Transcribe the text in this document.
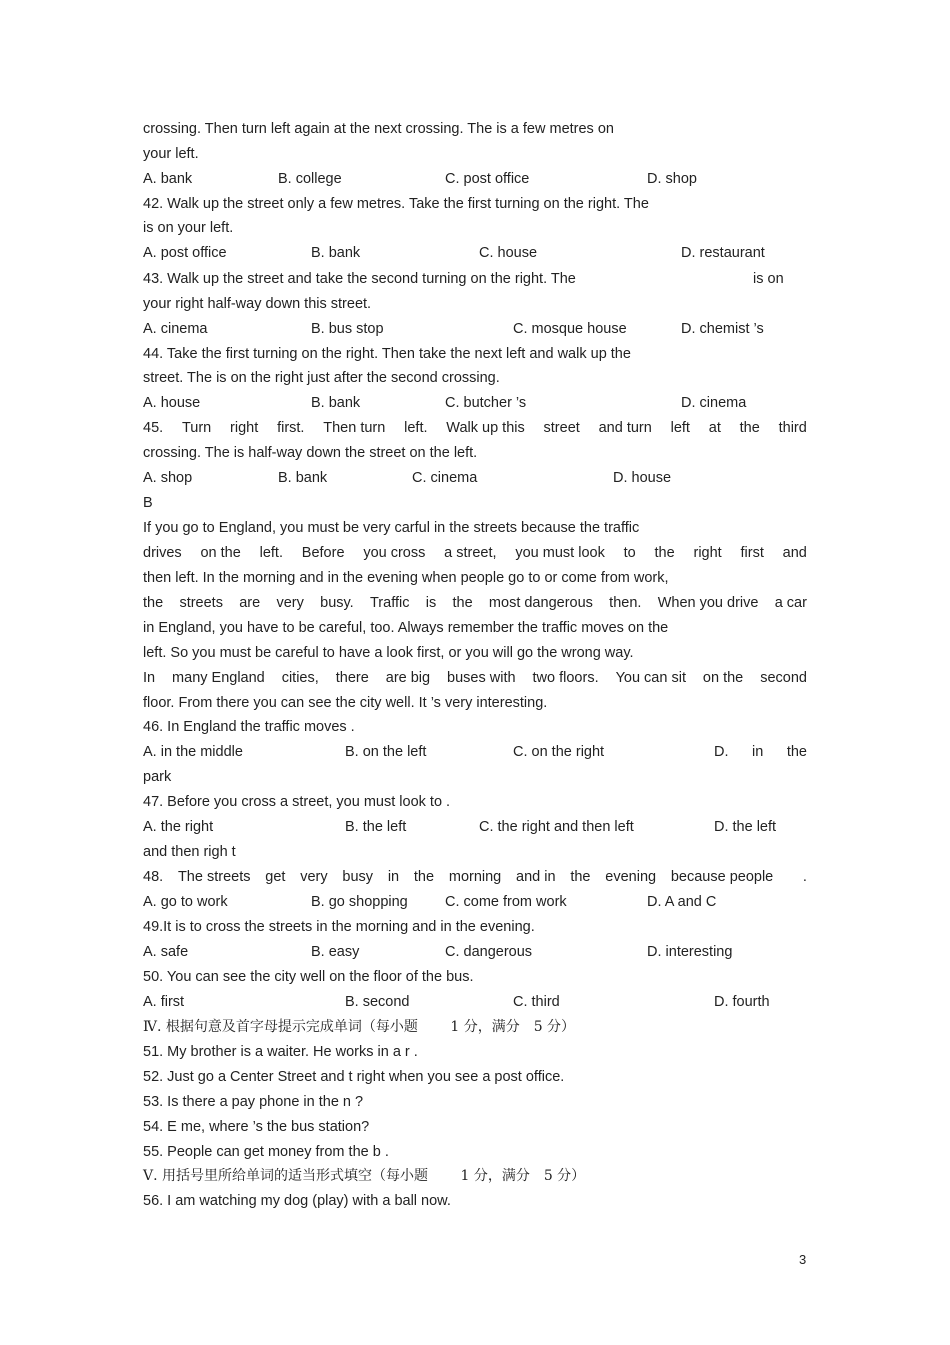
crossing. Then turn left again at the next crossing. The is a few metres on
your left.
A. bank	B. college	C. post office	D. shop
42. Walk up the street only a few metres. Take the first turning on the right. The
is on your left.
A. post office	B. bank	C. house	D. restaurant
43. Walk up the street and take the second turning on the right. The	is on
your right half-way down this street.
A. cinema	B. bus stop	C. mosque house	D. chemist ’s
44. Take the first turning on the right. Then take the next left and walk up the
street. The is on the right just after the second crossing.
A. house	B. bank	C. butcher ’s	D. cinema
45. Turn right first. Then turn left. Walk up this street and turn left at the third
crossing. The is half-way down the street on the left.
A. shop	B. bank	C. cinema	D. house
B
If you go to England, you must be very carful in the streets because the traffic
drives on the left. Before you cross a street, you must look to the right first and
then left. In the morning and in the evening when people go to or come from work,
the streets are very busy. Traffic is the most dangerous then. When you drive a car
in England, you have to be careful, too. Always remember the traffic moves on the
left. So you must be careful to have a look first, or you will go the wrong way.
In many England cities, there are big buses with two floors. You can sit on the second
floor. From there you can see the city well. It ’s very interesting.
46. In England the traffic moves .
A. in the middle	B. on the left	C. on the right	D. in the
park
47. Before you cross a street, you must look to .
A. the right	B. the left	C. the right and then left	D. the left
and then righ t
48. The streets get very busy in the morning and in the evening because people .
A. go to work	B. go shopping	C. come from work	D. A and C
49.It is to cross the streets in the morning and in the evening.
A. safe	B. easy	C. dangerous	D. interesting
50. You can see the city well on the floor of the bus.
A. first	B. second	C. third	D. fourth
Ⅳ. 根据句意及首字母提示完成单词（每小题　　 1 分，满分　5 分）
51. My brother is a waiter. He works in a r .
52. Just go a Center Street and t right when you see a post office.
53. Is there a pay phone in the n ?
54. E me, where ’s the bus station?
55. People can get money from the b .
Ⅴ. 用括号里所给单词的适当形式填空（每小题　　 1 分，满分　5 分）
56. I am watching my dog (play) with a ball now.
3
